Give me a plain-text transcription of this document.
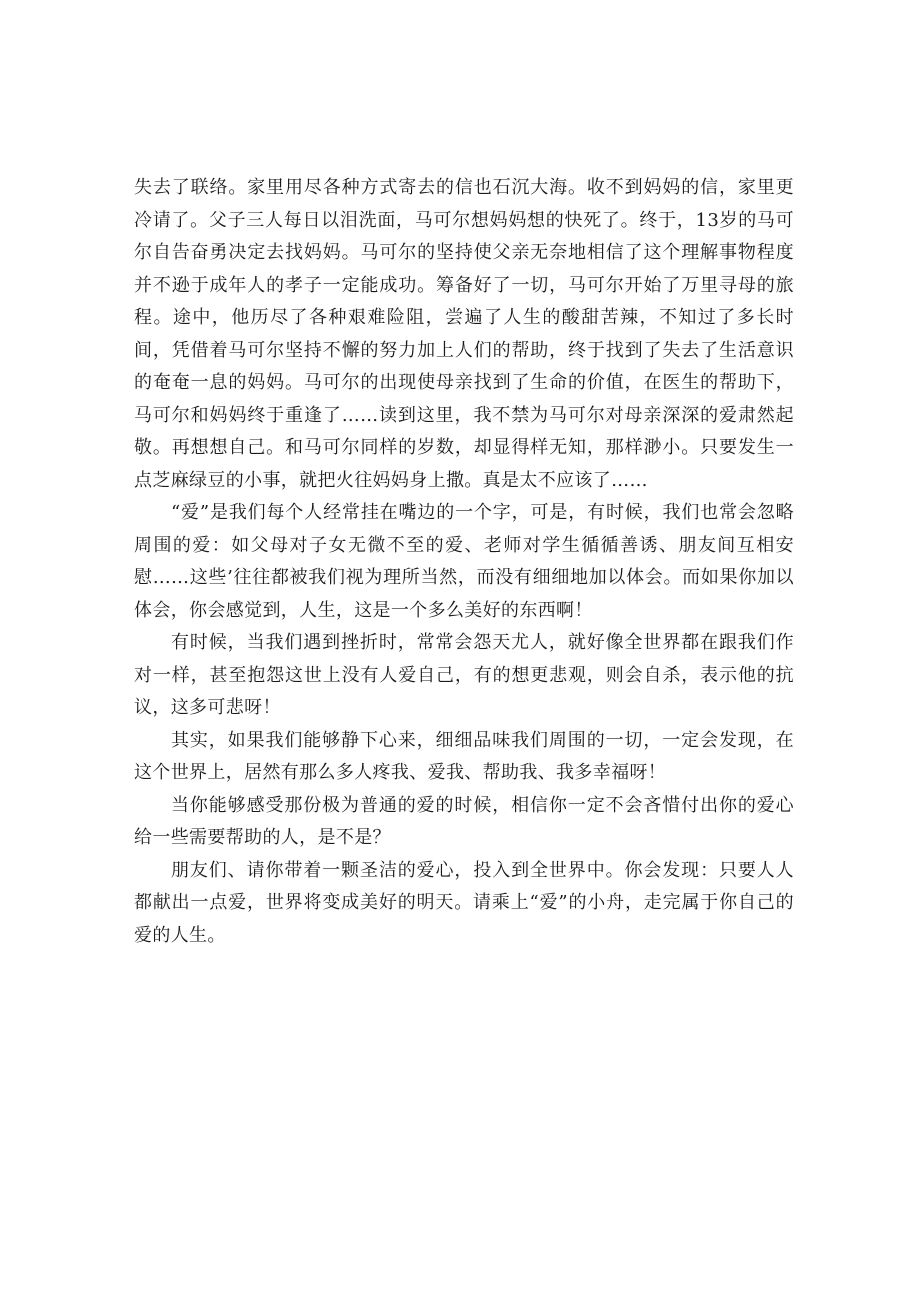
失去了联络。家里用尽各种方式寄去的信也石沉大海。收不到妈妈的信，家里更冷请了。父子三人每日以泪洗面，马可尔想妈妈想的快死了。终于，13岁的马可尔自告奋勇决定去找妈妈。马可尔的坚持使父亲无奈地相信了这个理解事物程度并不逊于成年人的孝子一定能成功。筹备好了一切，马可尔开始了万里寻母的旅程。途中，他历尽了各种艰难险阻，尝遍了人生的酸甜苦辣，不知过了多长时间，凭借着马可尔坚持不懈的努力加上人们的帮助，终于找到了失去了生活意识的奄奄一息的妈妈。马可尔的出现使母亲找到了生命的价值，在医生的帮助下，马可尔和妈妈终于重逢了……读到这里，我不禁为马可尔对母亲深深的爱肃然起敬。再想想自己。和马可尔同样的岁数，却显得样无知，那样渺小。只要发生一点芝麻绿豆的小事，就把火往妈妈身上撒。真是太不应该了……

“爱”是我们每个人经常挂在嘴边的一个字，可是，有时候，我们也常会忽略周围的爱：如父母对子女无微不至的爱、老师对学生循循善诱、朋友间互相安慰……这些’往往都被我们视为理所当然，而没有细细地加以体会。而如果你加以体会，你会感觉到，人生，这是一个多么美好的东西啊！

有时候，当我们遇到挫折时，常常会怨天尤人，就好像全世界都在跟我们作对一样，甚至抱怨这世上没有人爱自己，有的想更悲观，则会自杀，表示他的抗议，这多可悲呀！

其实，如果我们能够静下心来，细细品味我们周围的一切，一定会发现，在这个世界上，居然有那么多人疼我、爱我、帮助我、我多幸福呀！

当你能够感受那份极为普通的爱的时候，相信你一定不会吝惜付出你的爱心给一些需要帮助的人，是不是？

朋友们、请你带着一颗圣洁的爱心，投入到全世界中。你会发现：只要人人都献出一点爱，世界将变成美好的明天。请乘上“爱”的小舟，走完属于你自己的爱的人生。
